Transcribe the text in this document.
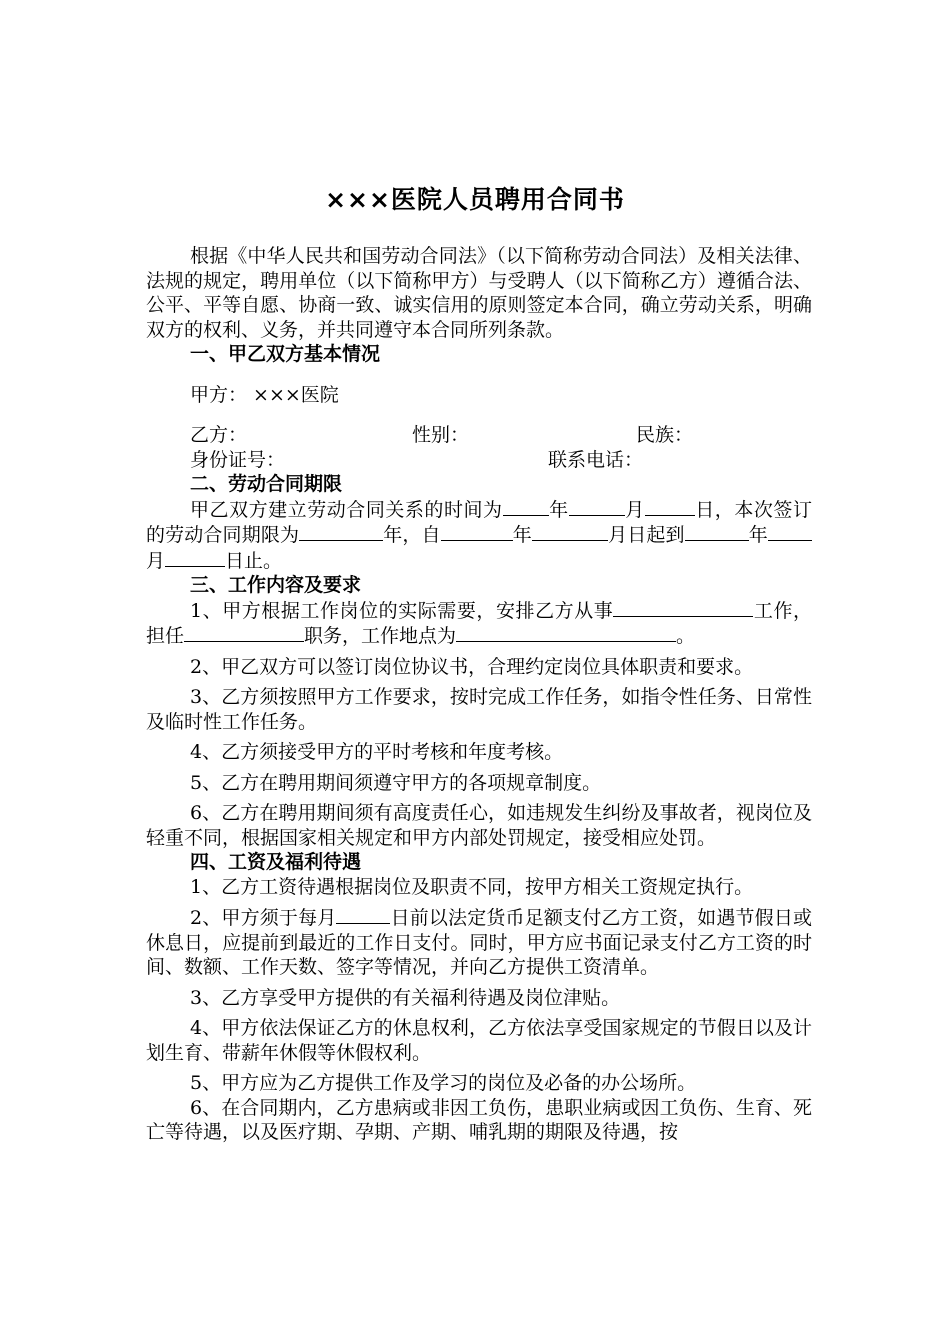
×××医院人员聘用合同书

根据《中华人民共和国劳动合同法》（以下简称劳动合同法）及相关法律、法规的规定，聘用单位（以下简称甲方）与受聘人（以下简称乙方）遵循合法、公平、平等自愿、协商一致、诚实信用的原则签定本合同，确立劳动关系，明确双方的权利、义务，并共同遵守本合同所列条款。

一、甲乙双方基本情况

甲方： ×××医院

乙方：	性别：	民族：
身份证号：	联系电话：

二、劳动合同期限

甲乙双方建立劳动合同关系的时间为 年	月	日，本次签订的劳动合同期限为	年，自	年	月日起到	年月	日止。

三、工作内容及要求

1、甲方根据工作岗位的实际需要，安排乙方从事	工作，担任	职务，工作地点为	。

2、甲乙双方可以签订岗位协议书，合理约定岗位具体职责和要求。

3、乙方须按照甲方工作要求，按时完成工作任务，如指令性任务、日常性及临时性工作任务。

4、乙方须接受甲方的平时考核和年度考核。

5、乙方在聘用期间须遵守甲方的各项规章制度。

6、乙方在聘用期间须有高度责任心，如违规发生纠纷及事故者，视岗位及轻重不同，根据国家相关规定和甲方内部处罚规定，接受相应处罚。

四、工资及福利待遇

1、乙方工资待遇根据岗位及职责不同，按甲方相关工资规定执行。

2、甲方须于每月	日前以法定货币足额支付乙方工资，如遇节假日或休息日，应提前到最近的工作日支付。同时，甲方应书面记录支付乙方工资的时间、数额、工作天数、签字等情况，并向乙方提供工资清单。

3、乙方享受甲方提供的有关福利待遇及岗位津贴。

4、甲方依法保证乙方的休息权利，乙方依法享受国家规定的节假日以及计划生育、带薪年休假等休假权利。

5、甲方应为乙方提供工作及学习的岗位及必备的办公场所。

6、在合同期内，乙方患病或非因工负伤，患职业病或因工负伤、生育、死亡等待遇，以及医疗期、孕期、产期、哺乳期的期限及待遇，按
